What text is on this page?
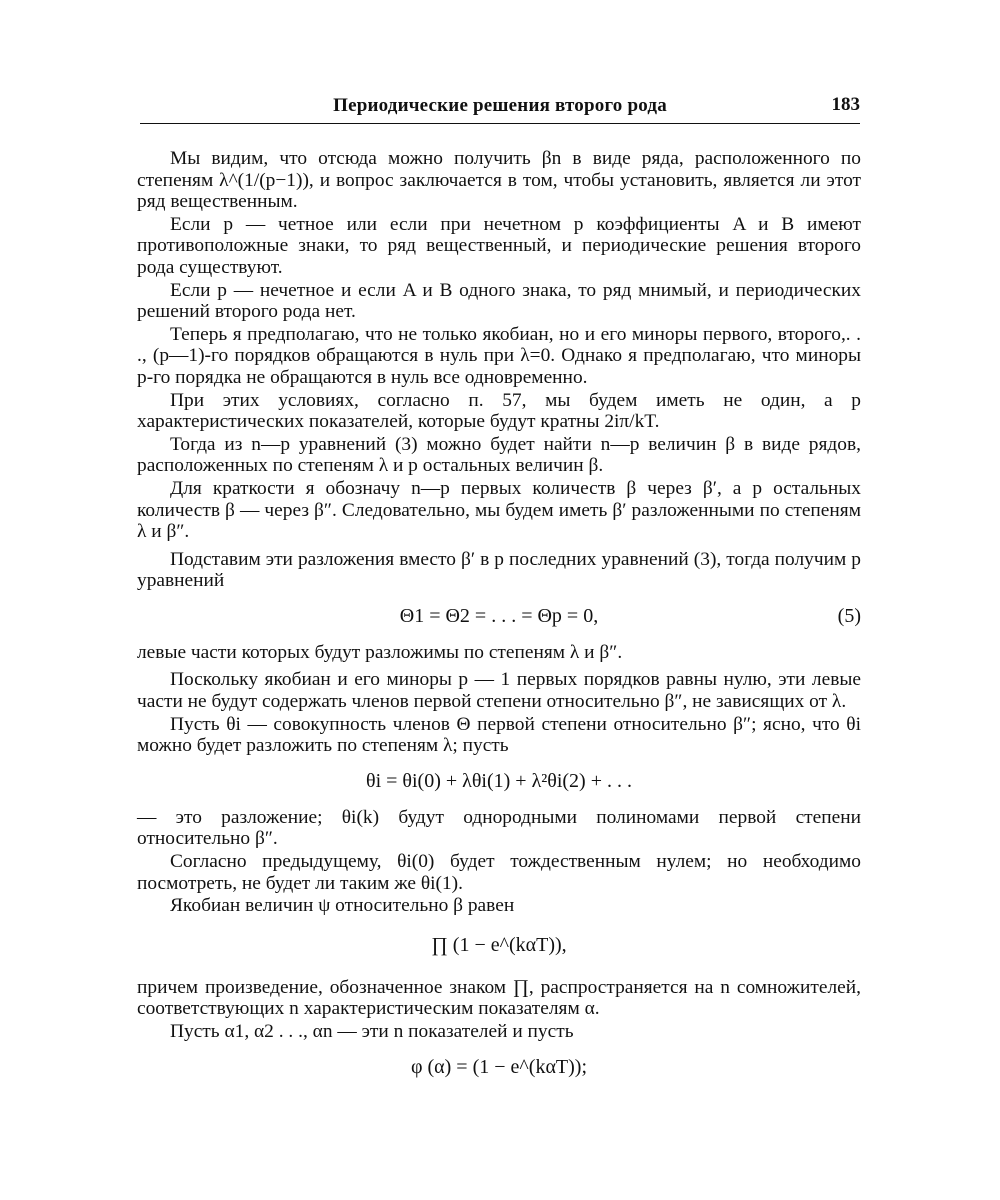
Периодические решения второго рода	183

Мы видим, что отсюда можно получить βn в виде ряда, расположенного по степеням λ^(1/(p−1)), и вопрос заключается в том, чтобы установить, является ли этот ряд вещественным.

Если p — четное или если при нечетном p коэффициенты A и B имеют противоположные знаки, то ряд вещественный, и периодические решения второго рода существуют.

Если p — нечетное и если A и B одного знака, то ряд мнимый, и периодических решений второго рода нет.

Теперь я предполагаю, что не только якобиан, но и его миноры первого, второго,. . ., (p—1)-го порядков обращаются в нуль при λ=0. Однако я предполагаю, что миноры p-го порядка не обращаются в нуль все одновременно.

При этих условиях, согласно п. 57, мы будем иметь не один, а p характеристических показателей, которые будут кратны 2iπ/kT.

Тогда из n—p уравнений (3) можно будет найти n—p величин β в виде рядов, расположенных по степеням λ и p остальных величин β.

Для краткости я обозначу n—p первых количеств β через β′, а p остальных количеств β — через β″. Следовательно, мы будем иметь β′ разложенными по степеням λ и β″.

Подставим эти разложения вместо β′ в p последних уравнений (3), тогда получим p уравнений

Θ1 = Θ2 = . . . = Θp = 0,	(5)

левые части которых будут разложимы по степеням λ и β″.

Поскольку якобиан и его миноры p — 1 первых порядков равны нулю, эти левые части не будут содержать членов первой степени относительно β″, не зависящих от λ.

Пусть θi — совокупность членов Θ первой степени относительно β″; ясно, что θi можно будет разложить по степеням λ; пусть

θi = θi(0) + λθi(1) + λ²θi(2) + . . .

— это разложение; θi(k) будут однородными полиномами первой степени относительно β″.

Согласно предыдущему, θi(0) будет тождественным нулем; но необходимо посмотреть, не будет ли таким же θi(1).

Якобиан величин ψ относительно β равен

∏ (1 − e^(kαT)),

причем произведение, обозначенное знаком ∏, распространяется на n сомножителей, соответствующих n характеристическим показателям α.

Пусть α1, α2 . . ., αn — эти n показателей и пусть

φ (α) = (1 − e^(kαT));
